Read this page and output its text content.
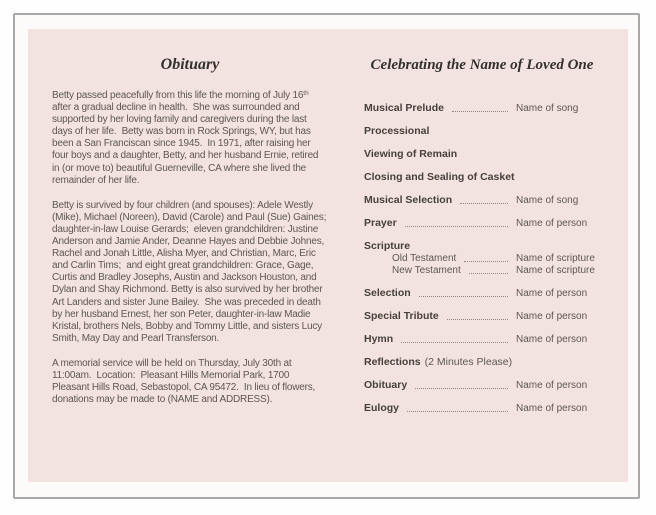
Obituary

Betty passed peacefully from this life the morning of July 16th after a gradual decline in health.  She was surrounded and supported by her loving family and caregivers during the last days of her life.  Betty was born in Rock Springs, WY, but has been a San Franciscan since 1945.  In 1971, after raising her four boys and a daughter, Betty, and her husband Ernie, retired in (or move to) beautiful Guerneville, CA where she lived the remainder of her life.

Betty is survived by four children (and spouses): Adele Westly (Mike), Michael (Noreen), David (Carole) and Paul (Sue) Gaines;  daughter-in-law Louise Gerards;  eleven grandchildren: Justine Anderson and Jamie Ander, Deanne Hayes and Debbie Johnes, Rachel and Jonah Little, Alisha Myer, and Christian, Marc, Eric and Carlin Tims;  and eight great grandchildren: Grace, Gage, Curtis and Bradley Josephs, Austin and Jackson Houston, and Dylan and Shay Richmond. Betty is also survived by her brother Art Landers and sister June Bailey.  She was preceded in death by her husband Ernest, her son Peter, daughter-in-law Madie Kristal, brothers Nels, Bobby and Tommy Little, and sisters Lucy Smith, May Day and Pearl Transferson.

A memorial service will be held on Thursday, July 30th at 11:00am.  Location:  Pleasant Hills Memorial Park, 1700 Pleasant Hills Road, Sebastopol, CA 95472.  In lieu of flowers, donations may be made to (NAME and ADDRESS).

Celebrating the Name of Loved One
Musical Prelude	Name of song
Processional
Viewing of Remain
Closing and Sealing of Casket
Musical Selection	Name of song
Prayer	Name of person
Scripture
Old Testament	Name of scripture
New Testament	Name of scripture
Selection	Name of person
Special Tribute	Name of person
Hymn	Name of person
Reflections (2 Minutes Please)
Obituary	Name of person
Eulogy	Name of person
